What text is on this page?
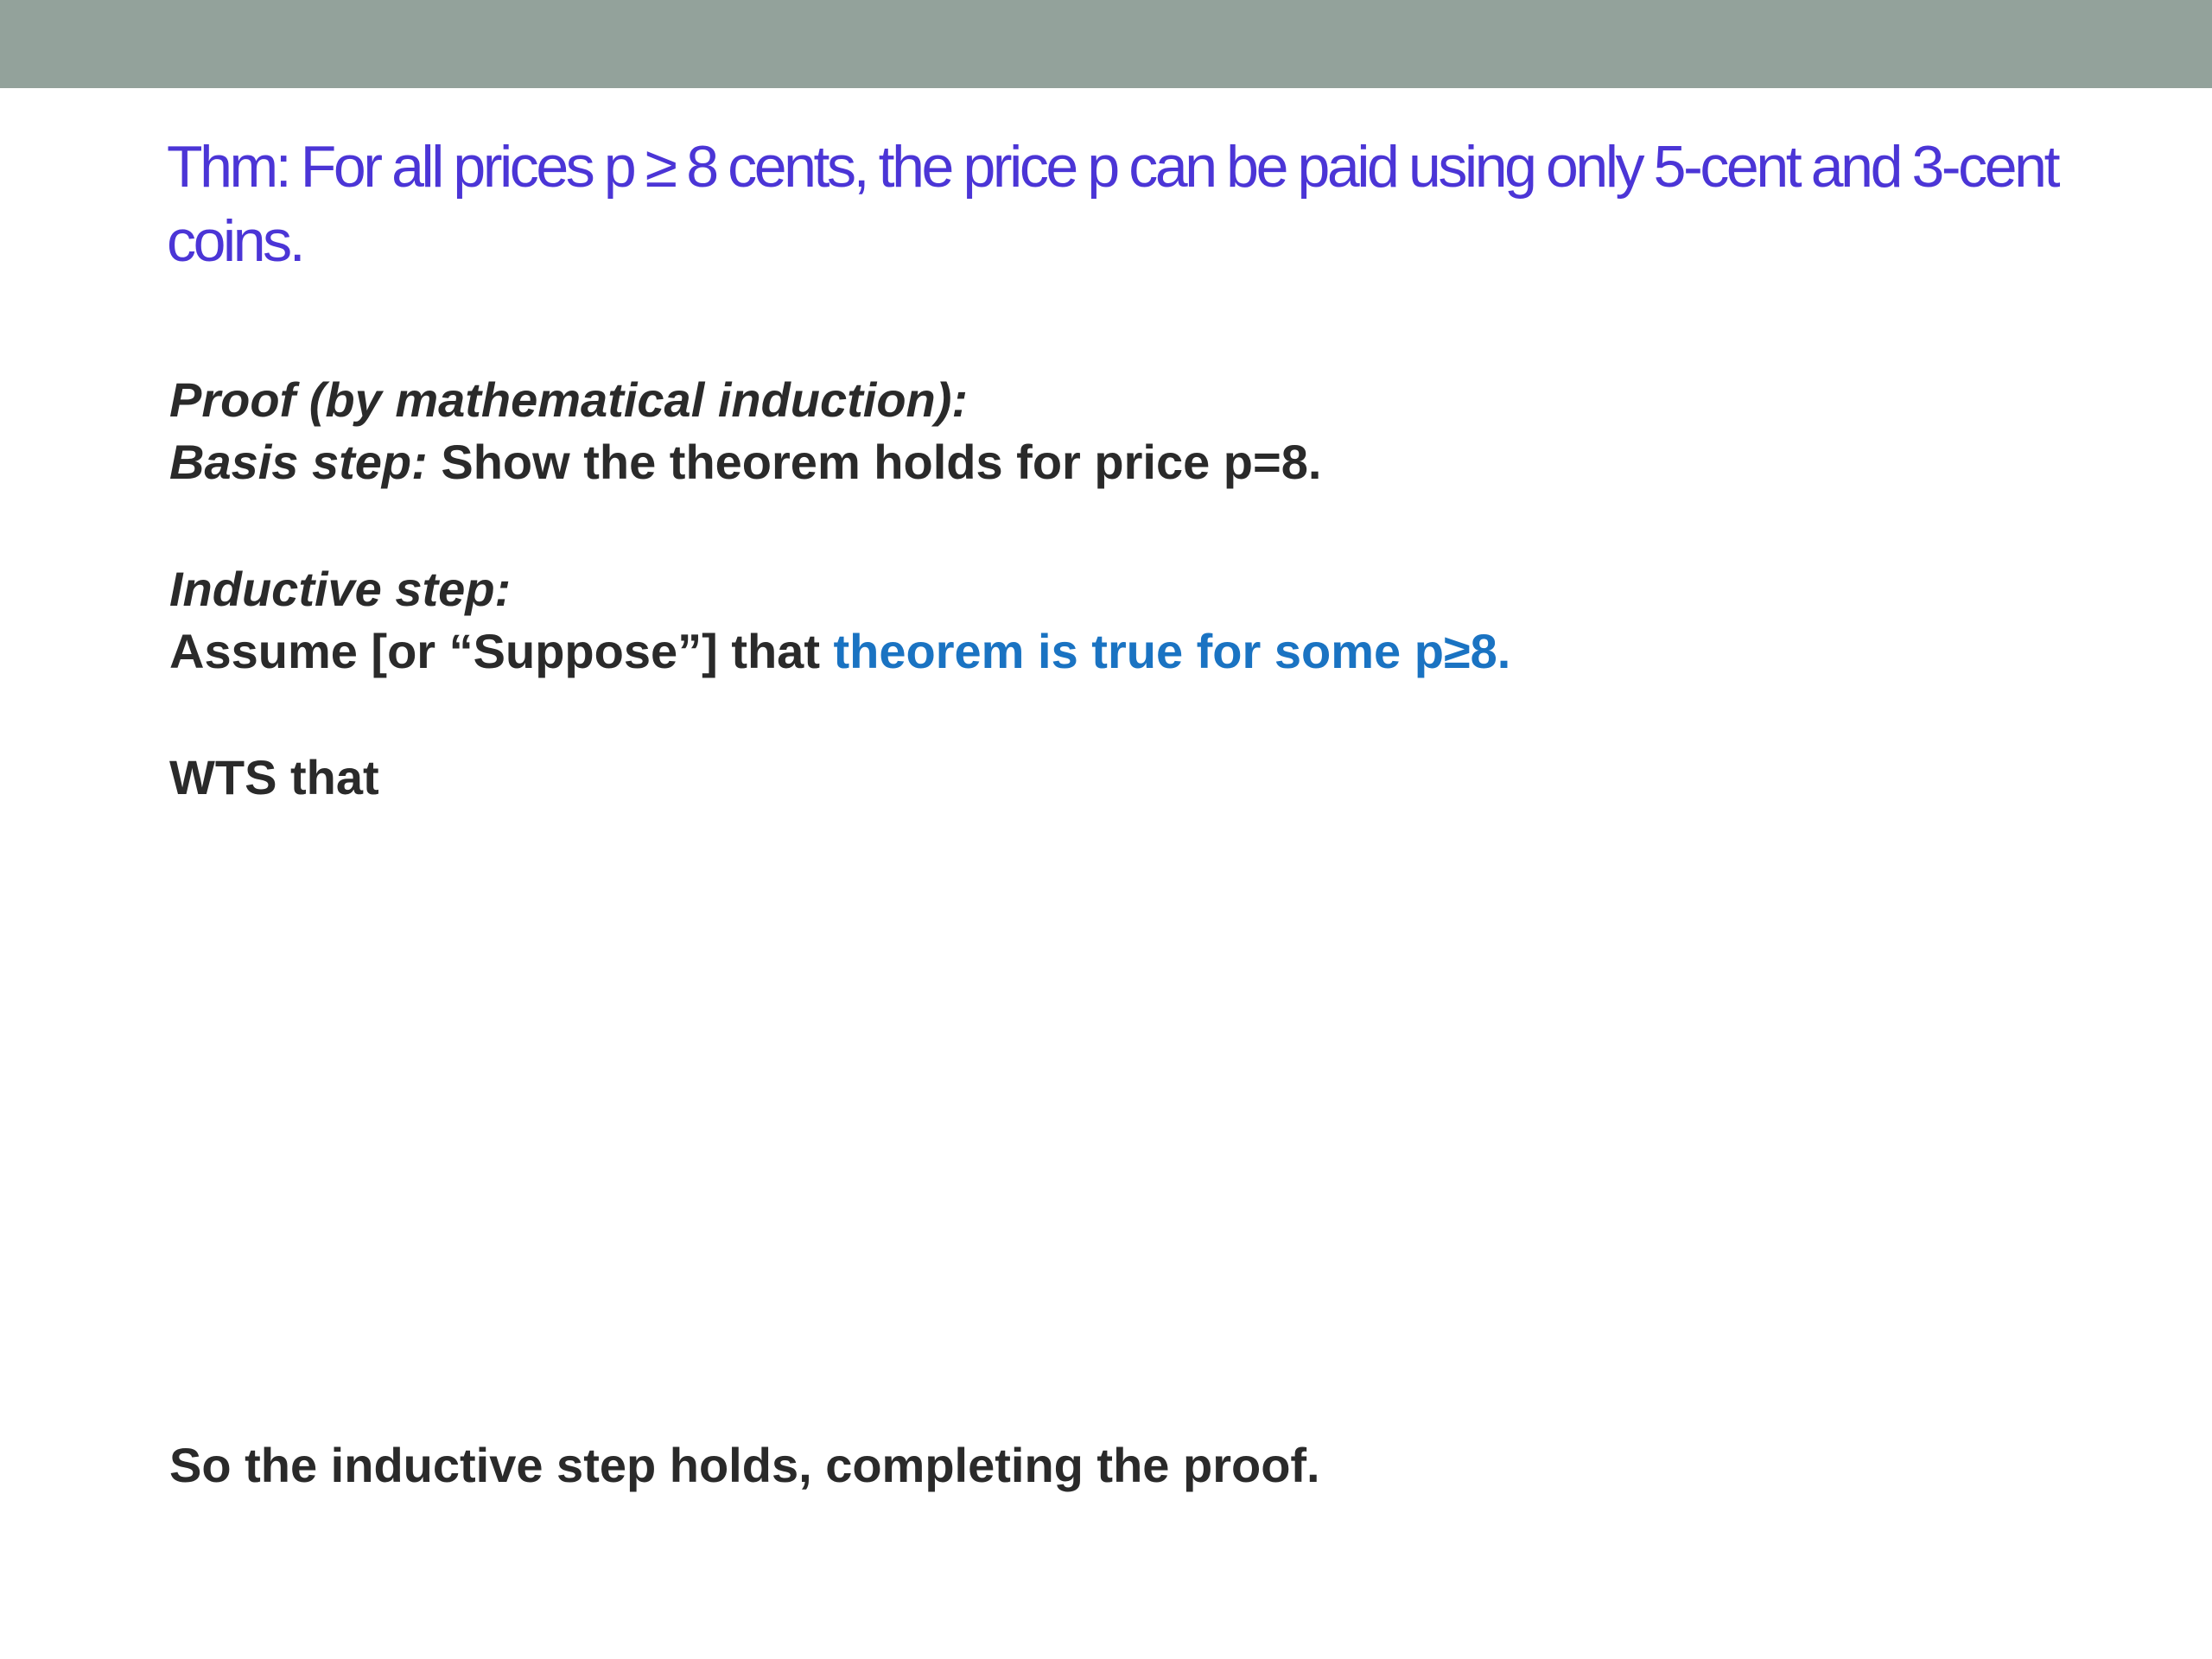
Thm: For all prices p ≥ 8 cents, the price p can be paid using only 5-cent and 3-cent coins.

Proof (by mathematical induction):
Basis step: Show the theorem holds for price p=8.
Inductive step:
Assume [or “Suppose”] that theorem is true for some p≥8.
WTS that
So the inductive step holds, completing the proof.
